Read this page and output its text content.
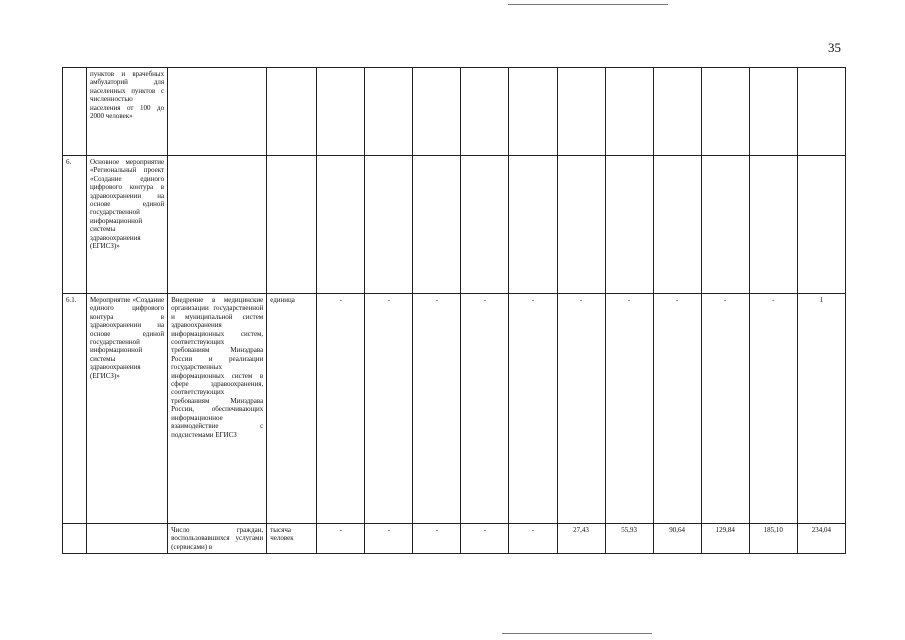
35
	пунктов и врачебных амбулаторий для населенных пунктов с численностью населения от 100 до 2000 человек»													
6.	Основное мероприятие «Региональный проект «Создание единого цифрового контура в здравоохранении на основе единой государственной информационной системы здравоохранения (ЕГИСЗ)»													
6.1.	Мероприятие «Создание единого цифрового контура в здравоохранении на основе единой государственной информационной системы здравоохранения (ЕГИСЗ)»	Внедрение в медицинские организации государственной и муниципальной систем здравоохранения информационных систем, соответствующих требованиям Минздрава России и реализации государственных информационных систем в сфере здравоохранения, соответствующих требованиям Минздрава России, обеспечивающих информационное взаимодействие с подсистемами ЕГИСЗ	единица	-	-	-	-	-	-	-	-	-	-	1
		Число граждан, воспользовавшихся услугами (сервисами) в	тысяча человек	-	-	-	-	-	27,43	55,93	90,64	129,84	185,10	234,04
